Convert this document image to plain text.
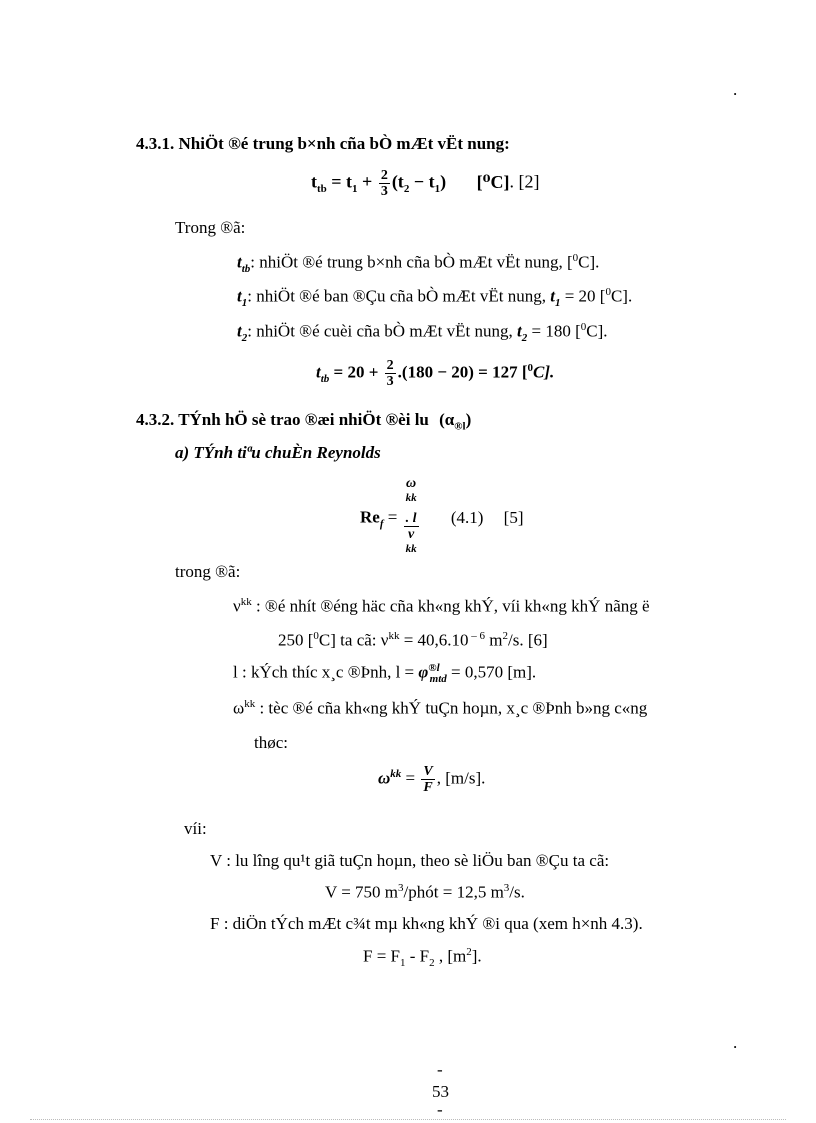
.
4.3.1. NhiÖt ®é trung b×nh cña bÒ mÆt vËt nung:
$t_{tb} = t_1 + \frac{2}{3} (t_2 - t_1)$ [⁰C]. [2]
Trong ®ã:
$t_{tb}$: nhiÖt ®é trung b×nh cña bÒ mÆt vËt nung, [$^0$C].
$t_1$: nhiÖt ®é ban ®Çu cña bÒ mÆt vËt nung, $t_1 = 20$ [$^0$C].
$t_2$: nhiÖt ®é cuèi cña bÒ mÆt vËt nung, $t_2 = 180$ [$^0$C].
$t_{tb} = 20 + \frac{2}{3} .(180 - 20) = 127$ [$^0$C].
4.3.2. TÝnh hÖ sè trao ®æi nhiÖt ®èi lu $(\alpha_{®l})$
a) TÝnh tiªu chuÈn Reynolds
$Re_f = \omega$
$^{kk}$
. l
ν
$^{kk}$ (4.1) [5]
trong ®ã:
$\nu^{kk}$ : ®é nhít ®éng häc cña kh«ng khÝ, víi kh«ng khÝ nãng ë
250 [$^0$C] ta cã: $\nu^{kk} = 40,6.10$ $^{- 6}$ $m^2/s$. [6]
l : kÝch thíc x¸c ®Þnh, $l = \varphi^{®l}_{mtd} = 0,570$ [m].
$\omega^{kk}$ : tèc ®é cña kh«ng khÝ tuÇn hoµn, x¸c ®Þnh b»ng c«ng
thøc:
$\omega^{kk} = \frac{V}{F}$ , [m/s].
víi:
V : lu lîng qu¹t giã tuÇn hoµn, theo sè liÖu ban ®Çu ta cã:
V = 750 $m^3$/phót = 12,5 $m^3/s$.
F : diÖn tÝch mÆt c¾t mµ kh«ng khÝ ®i qua (xem h×nh 4.3).
$F = F_1 - F_2$ , $[m^2]$.
.
-
53
-
